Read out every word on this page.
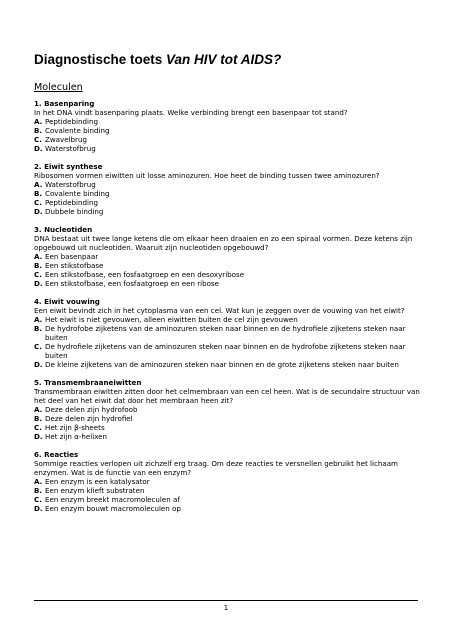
Diagnostische toets Van HIV tot AIDS?
Moleculen
1. Basenparing
In het DNA vindt basenparing plaats. Welke verbinding brengt een basenpaar tot stand?
A. Peptidebinding
B. Covalente binding
C. Zwavelbrug
D. Waterstofbrug
2. Eiwit synthese
Ribosomen vormen eiwitten uit losse aminozuren. Hoe heet de binding tussen twee aminozuren?
A. Waterstofbrug
B. Covalente binding
C. Peptidebinding
D. Dubbele binding
3. Nucleotiden
DNA bestaat uit twee lange ketens die om elkaar heen draaien en zo een spiraal vormen. Deze ketens zijn opgebouwd uit nucleotiden. Waaruit zijn nucleotiden opgebouwd?
A. Een basenpaar
B. Een stikstofbase
C. Een stikstofbase, een fosfaatgroep en een desoxyribose
D. Een stikstofbase, een fosfaatgroep en een ribose
4. Eiwit vouwing
Een eiwit bevindt zich in het cytoplasma van een cel. Wat kun je zeggen over de vouwing van het eiwit?
A. Het eiwit is niet gevouwen, alleen eiwitten buiten de cel zijn gevouwen
B. De hydrofobe zijketens van de aminozuren steken naar binnen en de hydrofiele zijketens steken naar buiten
C. De hydrofiele zijketens van de aminozuren steken naar binnen en de hydrofobe zijketens steken naar buiten
D. De kleine zijketens van de aminozuren steken naar binnen en de grote zijketens steken naar buiten
5. Transmembraaneiwitten
Transmembraan eiwitten zitten door het celmembraan van een cel heen. Wat is de secundaire structuur van het deel van het eiwit dat door het membraan heen zit?
A. Deze delen zijn hydrofoob
B. Deze delen zijn hydrofiel
C. Het zijn β-sheets
D. Het zijn α-helixen
6. Reacties
Sommige reacties verlopen uit zichzelf erg traag. Om deze reacties te versnellen gebruikt het lichaam enzymen. Wat is de functie van een enzym?
A. Een enzym is een katalysator
B. Een enzym klieft substraten
C. Een enzym breekt macromoleculen af
D. Een enzym bouwt macromoleculen op
1
